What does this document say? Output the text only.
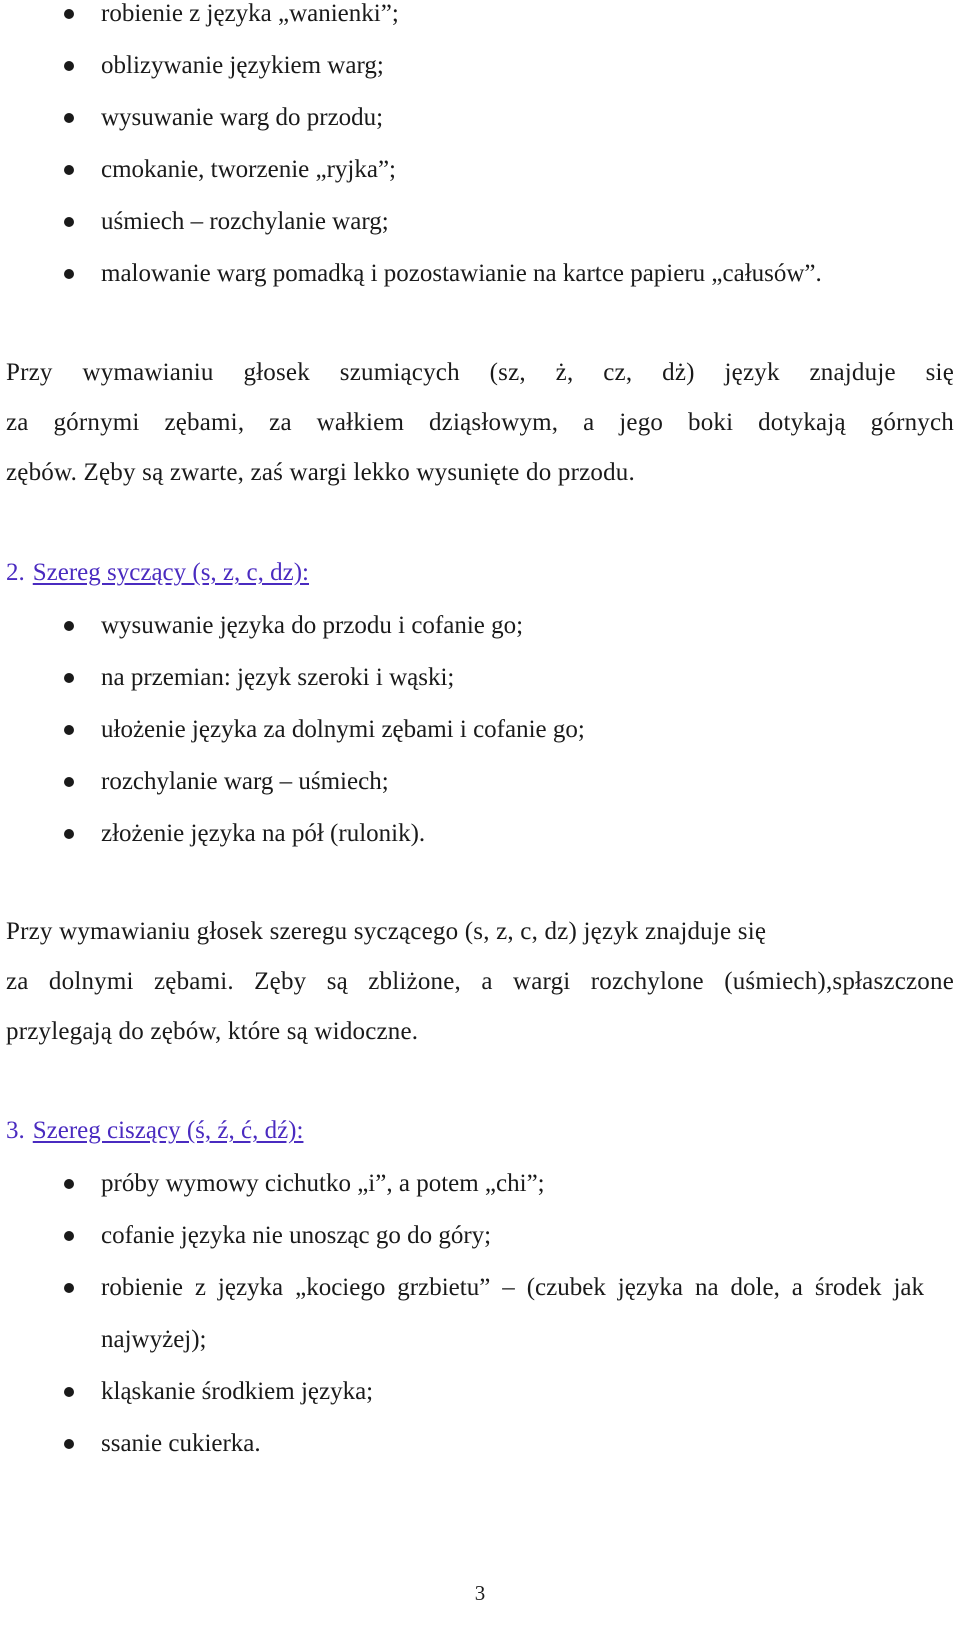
robienie z języka „wanienki”;
oblizywanie językiem warg;
wysuwanie warg do przodu;
cmokanie, tworzenie „ryjka”;
uśmiech – rozchylanie warg;
malowanie warg pomadką i pozostawianie na kartce papieru „całusów”.

Przy wymawianiu głosek szumiących (sz, ż, cz, dż) język znajduje się
za górnymi zębami, za wałkiem dziąsłowym, a jego boki dotykają górnych
zębów. Zęby są zwarte, zaś wargi lekko wysunięte do przodu.

2. Szereg syczący (s, z, c, dz):
wysuwanie języka do przodu i cofanie go;
na przemian: język szeroki i wąski;
ułożenie języka za dolnymi zębami i cofanie go;
rozchylanie warg – uśmiech;
złożenie języka na pół (rulonik).

Przy wymawianiu głosek szeregu syczącego (s, z, c, dz) język znajduje się
za dolnymi zębami. Zęby są zbliżone, a wargi rozchylone (uśmiech),spłaszczone
przylegają do zębów, które są widoczne.

3. Szereg ciszący (ś, ź, ć, dź):
próby wymowy cichutko „i”, a potem „chi”;
cofanie języka nie unosząc go do góry;
robienie z języka „kociego grzbietu” – (czubek języka na dole, a środek jak najwyżej);
kląskanie środkiem języka;
ssanie cukierka.
3
